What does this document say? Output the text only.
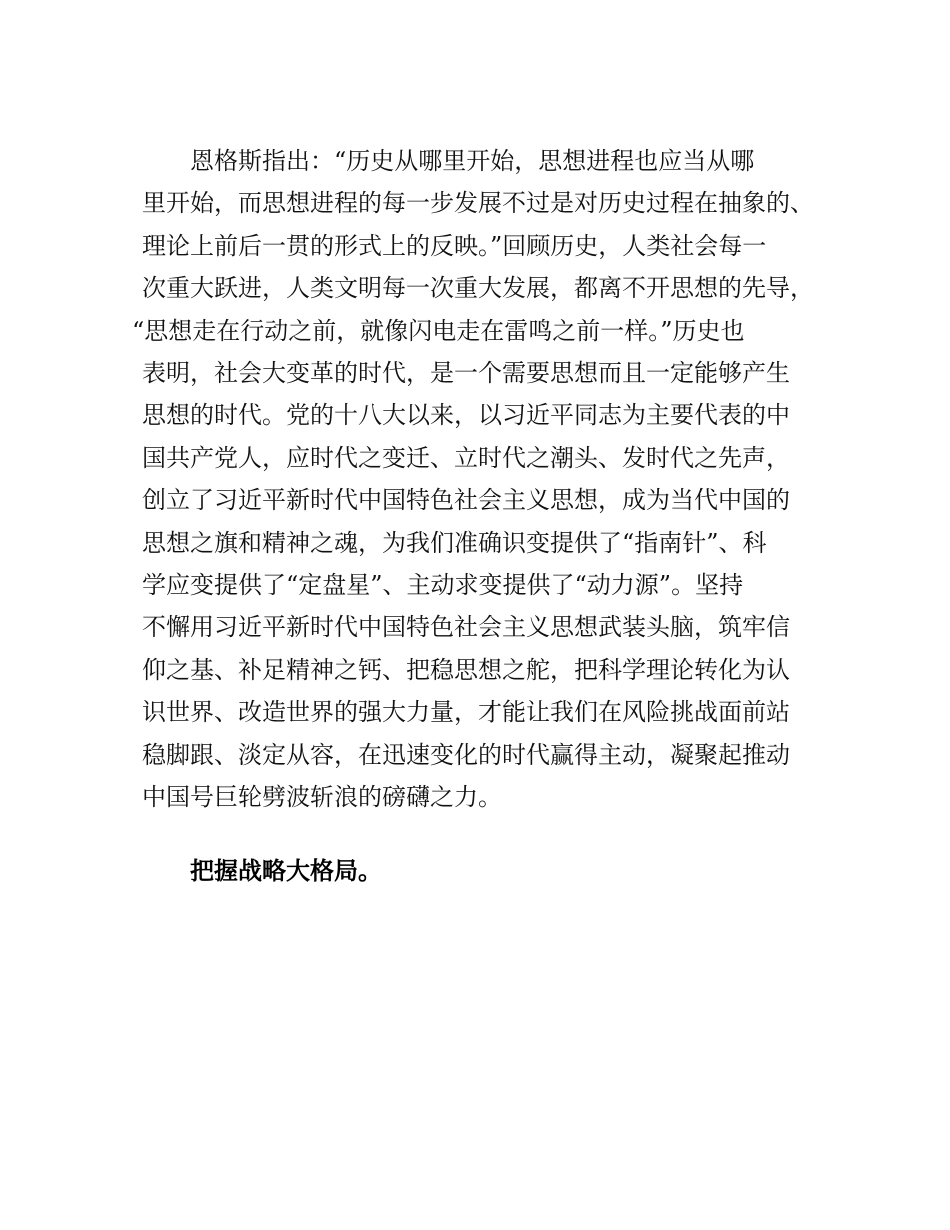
恩格斯指出：“历史从哪里开始，思想进程也应当从哪
里开始，而思想进程的每一步发展不过是对历史过程在抽象的、
理论上前后一贯的形式上的反映。”回顾历史，人类社会每一
次重大跃进，人类文明每一次重大发展，都离不开思想的先导，
“思想走在行动之前，就像闪电走在雷鸣之前一样。”历史也
表明，社会大变革的时代，是一个需要思想而且一定能够产生
思想的时代。党的十八大以来，以习近平同志为主要代表的中
国共产党人，应时代之变迁、立时代之潮头、发时代之先声，
创立了习近平新时代中国特色社会主义思想，成为当代中国的
思想之旗和精神之魂，为我们准确识变提供了“指南针”、科
学应变提供了“定盘星”、主动求变提供了“动力源”。坚持
不懈用习近平新时代中国特色社会主义思想武装头脑，筑牢信
仰之基、补足精神之钙、把稳思想之舵，把科学理论转化为认
识世界、改造世界的强大力量，才能让我们在风险挑战面前站
稳脚跟、淡定从容，在迅速变化的时代赢得主动，凝聚起推动
中国号巨轮劈波斩浪的磅礴之力。
把握战略大格局。
